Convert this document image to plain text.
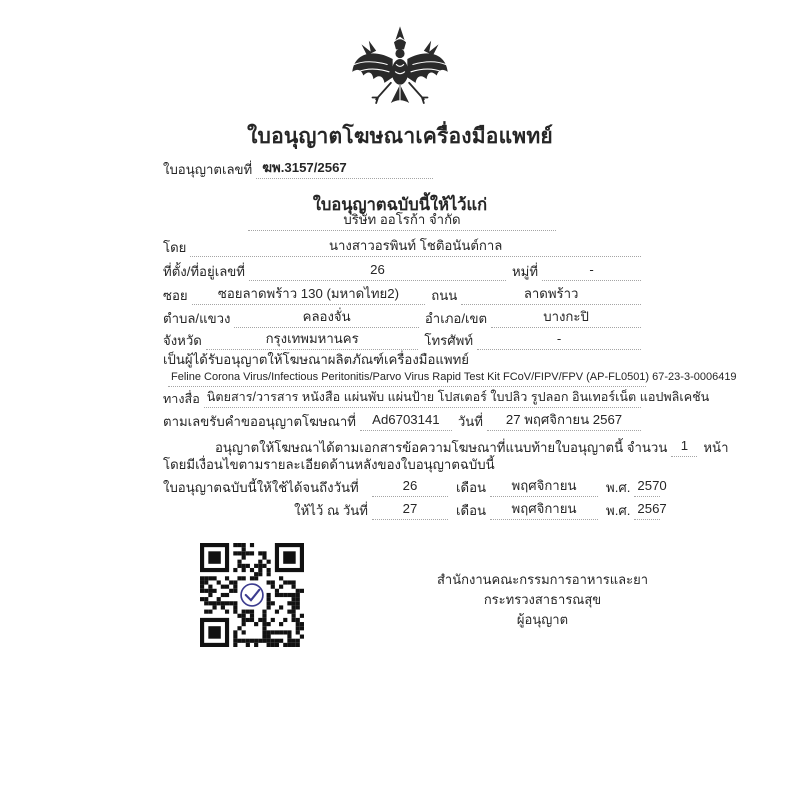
ใบอนุญาตโฆษณาเครื่องมือแพทย์
ใบอนุญาตเลขที่ ฆพ.3157/2567
ใบอนุญาตฉบับนี้ให้ไว้แก่
บริษัท ออโรก้า จำกัด
โดย	นางสาวอรพินท์ โชติอนันต์กาล
ที่ตั้ง/ที่อยู่เลขที่	26	หมู่ที่	-
ซอย	ซอยลาดพร้าว 130 (มหาดไทย2)	ถนน	ลาดพร้าว
ตำบล/แขวง	คลองจั่น	อำเภอ/เขต	บางกะปิ
จังหวัด	กรุงเทพมหานคร	โทรศัพท์	-
เป็นผู้ได้รับอนุญาตให้โฆษณาผลิตภัณฑ์เครื่องมือแพทย์
Feline Corona Virus/Infectious Peritonitis/Parvo Virus Rapid Test Kit FCoV/FIPV/FPV (AP-FL0501) 67-23-3-0006419
ทางสื่อ นิตยสาร/วารสาร หนังสือ แผ่นพับ แผ่นป้าย โปสเตอร์ ใบปลิว รูปลอก อินเทอร์เน็ต แอปพลิเคชัน
ตามเลขรับคำขออนุญาตโฆษณาที่	Ad6703141	วันที่	27 พฤศจิกายน 2567
อนุญาตให้โฆษณาได้ตามเอกสารข้อความโฆษณาที่แนบท้ายใบอนุญาตนี้ จำนวน	1	หน้า
โดยมีเงื่อนไขตามรายละเอียดด้านหลังของใบอนุญาตฉบับนี้
ใบอนุญาตฉบับนี้ให้ใช้ได้จนถึงวันที่	26	เดือน	พฤศจิกายน	พ.ศ. 2570
ให้ไว้ ณ วันที่	27	เดือน	พฤศจิกายน	พ.ศ. 2567
สำนักงานคณะกรรมการอาหารและยา
กระทรวงสาธารณสุข
ผู้อนุญาต
